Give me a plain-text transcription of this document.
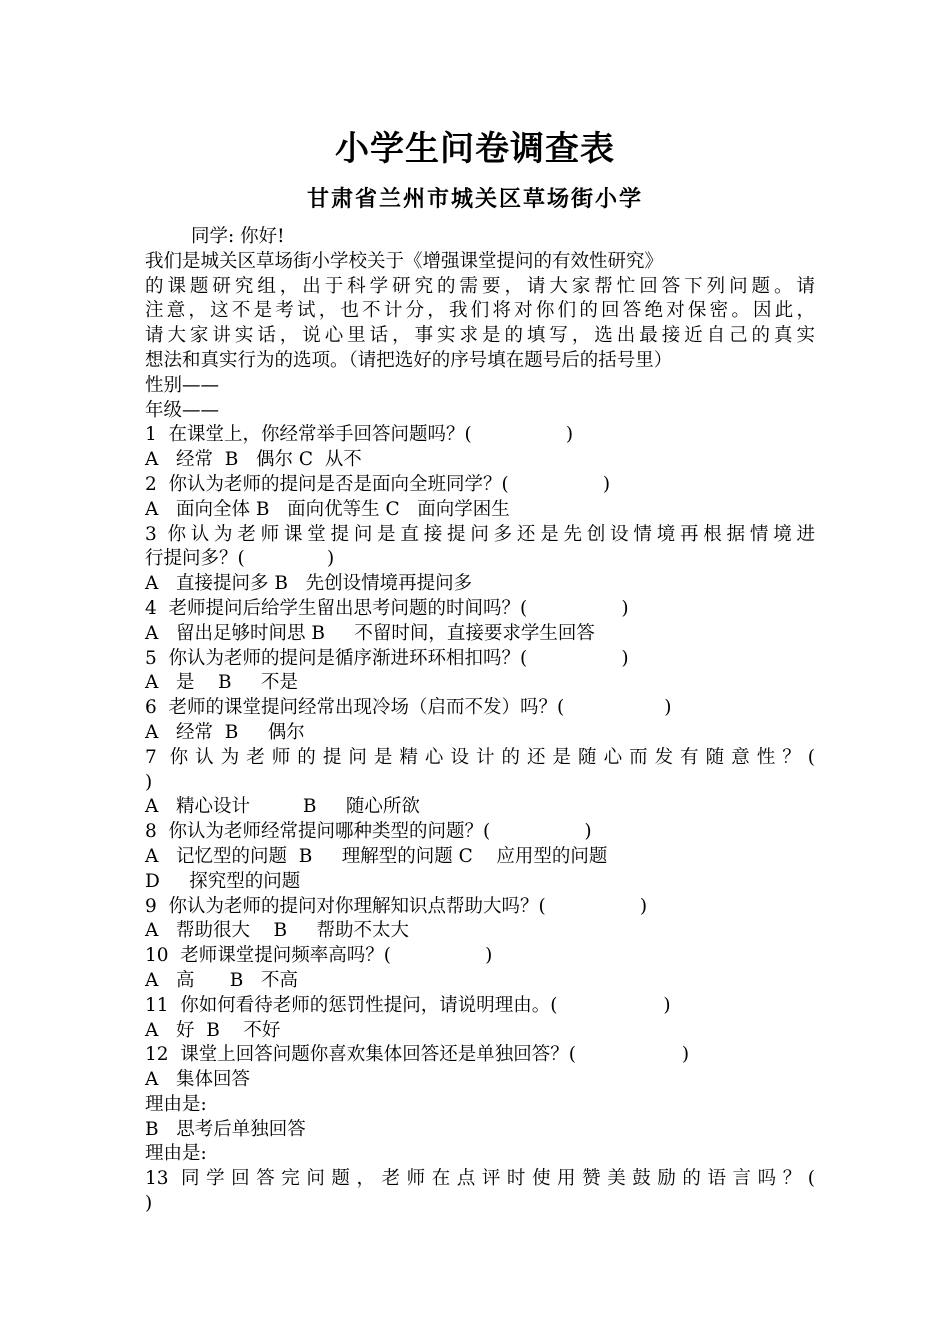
小学生问卷调查表
甘肃省兰州市城关区草场街小学
同学: 你好!
我们是城关区草场街小学校关于《增强课堂提问的有效性研究》
的课题研究组，出于科学研究的需要，请大家帮忙回答下列问题。请
注意，这不是考试，也不计分，我们将对你们的回答绝对保密。因此，
请大家讲实话，说心里话，事实求是的填写，选出最接近自己的真实
想法和真实行为的选项。（请把选好的序号填在题号后的括号里）
性别——
年级——
1  在课堂上，你经常举手回答问题吗？(                )
A   经常  B   偶尔 C  从不
2  你认为老师的提问是否是面向全班同学？(                )
A   面向全体 B   面向优等生 C   面向学困生
3 你认为老师课堂提问是直接提问多还是先创设情境再根据情境进
行提问多？(              )
A   直接提问多 B   先创设情境再提问多
4  老师提问后给学生留出思考问题的时间吗？(                )
A   留出足够时间思 B     不留时间，直接要求学生回答
5  你认为老师的提问是循序渐进环环相扣吗？(                )
A   是    B     不是
6  老师的课堂提问经常出现冷场（启而不发）吗？(                 )
A   经常  B     偶尔
7 你认为老师的提问是精心设计的还是随心而发有随意性？(
)
A   精心设计         B     随心所欲
8  你认为老师经常提问哪种类型的问题？(                )
A   记忆型的问题  B     理解型的问题 C    应用型的问题
D     探究型的问题
9  你认为老师的提问对你理解知识点帮助大吗？(                )
A   帮助很大    B     帮助不太大
10  老师课堂提问频率高吗？(                )
A   高      B   不高
11  你如何看待老师的惩罚性提问，请说明理由。(                  )
A   好  B    不好
12  课堂上回答问题你喜欢集体回答还是单独回答？(                  )
A   集体回答
理由是:
B   思考后单独回答
理由是:
13 同学回答完问题，老师在点评时使用赞美鼓励的语言吗？(
)
